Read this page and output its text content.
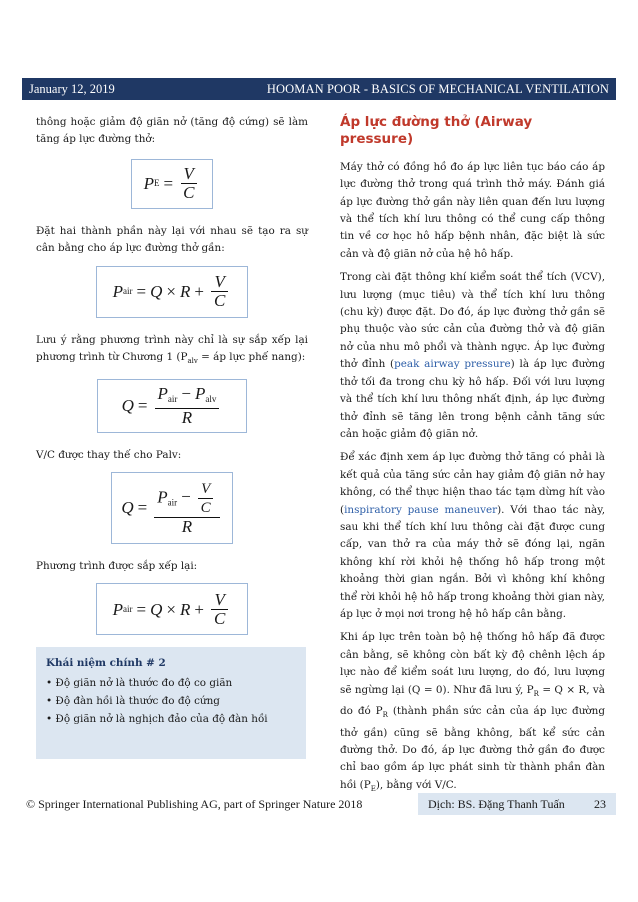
January 12, 2019	HOOMAN POOR - BASICS OF MECHANICAL VENTILATION

thông hoặc giảm độ giãn nở (tăng độ cứng) sẽ làm tăng áp lực đường thở:

P $E = \frac{V}{C}$

Đặt hai thành phần này lại với nhau sẽ tạo ra sự cân bằng cho áp lực đường thở gần:

P air = $Q \times R + \frac{V}{C}$

Lưu ý rằng phương trình này chỉ là sự sắp xếp lại phương trình từ Chương 1 ($P_{alv}$ = áp lực phế nang):

$Q = \frac{P_{air} - P_{alv}}{R}$

V/C được thay thế cho Palv:

$Q = \frac{P_{air} - \frac{V}{C}}{R}$

Phương trình được sắp xếp lại:

P air = $Q \times R + \frac{V}{C}$
Khái niệm chính # 2
• Độ giãn nở là thước đo độ co giãn
• Độ đàn hồi là thước đo độ cứng
• Độ giãn nở là nghịch đảo của độ đàn hồi
Áp lực đường thở (Airway pressure)

Máy thở có đồng hồ đo áp lực liên tục báo cáo áp lực đường thở trong quá trình thở máy. Đánh giá áp lực đường thở gần này liên quan đến lưu lượng và thể tích khí lưu thông có thể cung cấp thông tin về cơ học hô hấp bệnh nhân, đặc biệt là sức cản và độ giãn nở của hệ hô hấp.

Trong cài đặt thông khí kiểm soát thể tích (VCV), lưu lượng (mục tiêu) và thể tích khí lưu thông (chu kỳ) được đặt. Do đó, áp lực đường thở gần sẽ phụ thuộc vào sức cản của đường thở và độ giãn nở của nhu mô phổi và thành ngực. Áp lực đường thở đỉnh (peak airway pressure) là áp lực đường thở tối đa trong chu kỳ hô hấp. Đối với lưu lượng và thể tích khí lưu thông nhất định, áp lực đường thở đỉnh sẽ tăng lên trong bệnh cảnh tăng sức cản hoặc giảm độ giãn nở.

Để xác định xem áp lực đường thở tăng có phải là kết quả của tăng sức cản hay giảm độ giãn nở hay không, có thể thực hiện thao tác tạm dừng hít vào (inspiratory pause maneuver). Với thao tác này, sau khi thể tích khí lưu thông cài đặt được cung cấp, van thở ra của máy thở sẽ đóng lại, ngăn không khí rời khỏi hệ thống hô hấp trong một khoảng thời gian ngắn. Bởi vì không khí không thể rời khỏi hệ hô hấp trong khoảng thời gian này, áp lực ở mọi nơi trong hệ hô hấp cân bằng.

Khi áp lực trên toàn bộ hệ thống hô hấp đã được cân bằng, sẽ không còn bất kỳ độ chênh lệch áp lực nào để kiểm soát lưu lượng, do đó, lưu lượng sẽ ngừng lại (Q = 0). Như đã lưu ý, $P_R = Q \times R$, và do đó $P_R$ (thành phần sức cản của áp lực đường thở gần) cũng sẽ bằng không, bất kể sức cản đường thở. Do đó, áp lực đường thở gần đo được chỉ bao gồm áp lực phát sinh từ thành phần đàn hồi $(P_E)$, bằng với V/C.

© Springer International Publishing AG, part of Springer Nature 2018	Dịch: BS. Đặng Thanh Tuấn 23
